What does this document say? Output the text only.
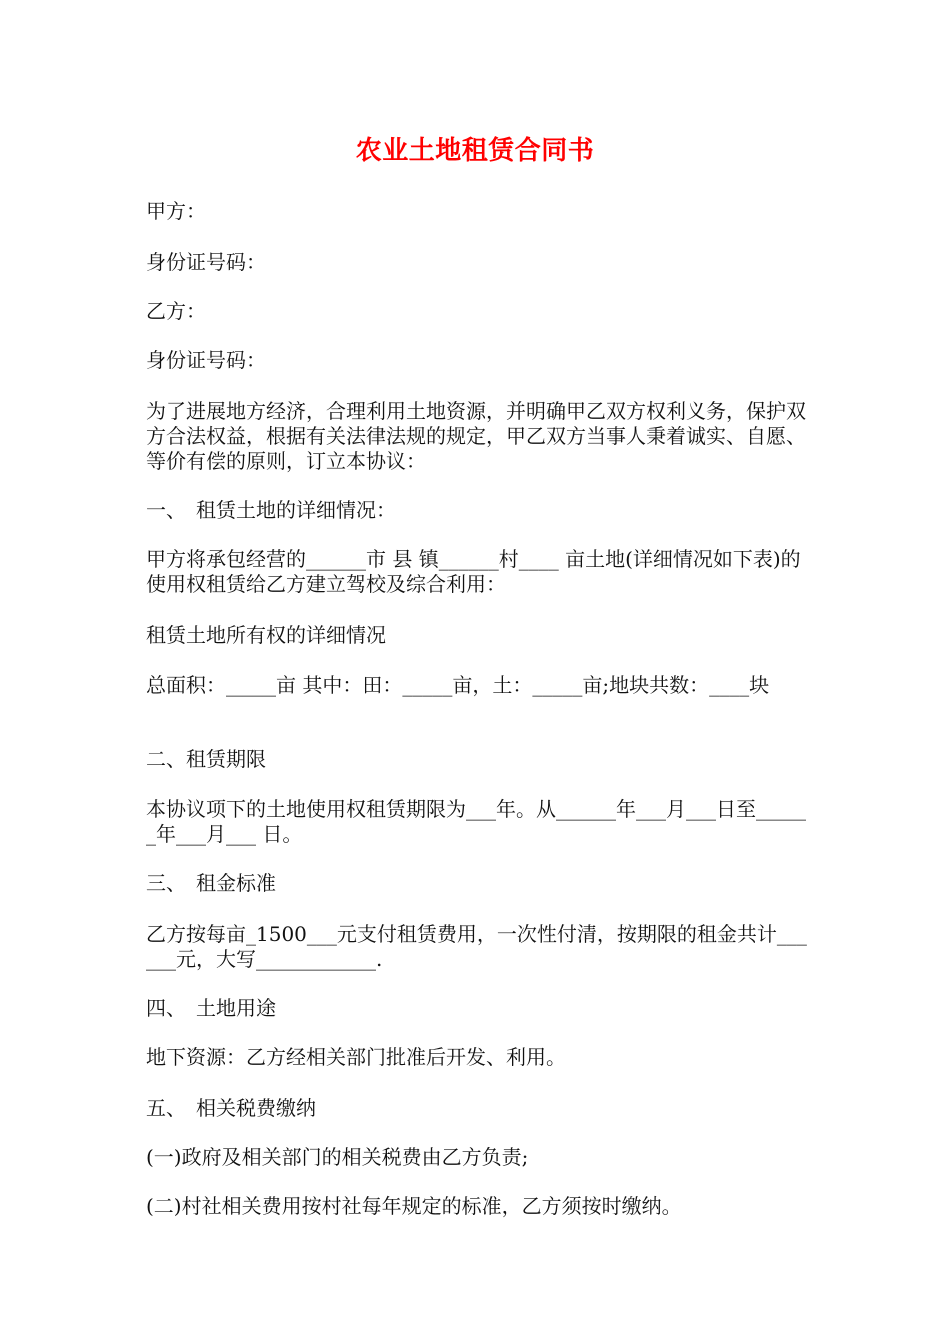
农业土地租赁合同书

甲方：

身份证号码：

乙方：

身份证号码：

为了进展地方经济，合理利用土地资源，并明确甲乙双方权利义务，保护双方合法权益，根据有关法律法规的规定，甲乙双方当事人秉着诚实、自愿、等价有偿的原则，订立本协议：

一、　租赁土地的详细情况：

甲方将承包经营的______市 县 镇______村____ 亩土地(详细情况如下表)的使用权租赁给乙方建立驾校及综合利用：

租赁土地所有权的详细情况

总面积：_____亩 其中：田：_____亩，土：_____亩;地块共数：____块

二、租赁期限

本协议项下的土地使用权租赁期限为___年。从______年___月___日至______年___月___ 日。

三、　租金标准

乙方按每亩_1500___元支付租赁费用，一次性付清，按期限的租金共计______元，大写____________.

四、　土地用途

地下资源：乙方经相关部门批准后开发、利用。

五、　相关税费缴纳

(一)政府及相关部门的相关税费由乙方负责;

(二)村社相关费用按村社每年规定的标准，乙方须按时缴纳。
